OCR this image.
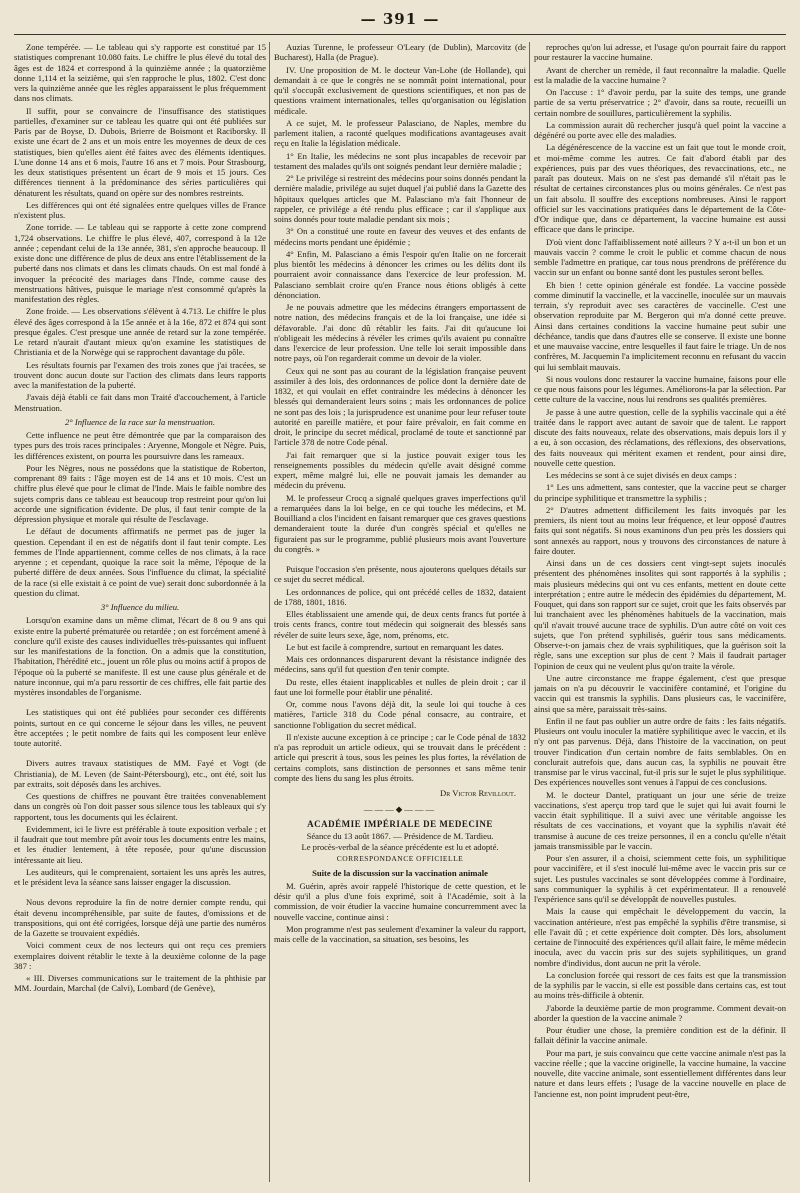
— 391 —

Zone tempérée. — Le tableau qui s'y rapporte est constitué par 15 statistiques comprenant 10.080 faits. Le chiffre le plus élevé du total des âges est de 1824 et correspond à la quinzième année ; la quatorzième donne 1,114 et la seizième, qui s'en rapproche le plus, 1802. C'est donc vers la quinzième année que les règles apparaissent le plus fréquemment dans nos climats.

Il suffit, pour se convaincre de l'insuffisance des statistiques partielles, d'examiner sur ce tableau les quatre qui ont été publiées sur Paris par de Boyse, D. Dubois, Brierre de Boismont et Raciborsky. Il existe une écart de 2 ans et un mois entre les moyennes de deux de ces statistiques, bien qu'elles aient été faites avec des éléments identiques. L'une donne 14 ans et 6 mois, l'autre 16 ans et 7 mois. Pour Strasbourg, les deux statistiques présentent un écart de 9 mois et 15 jours. Ces différences tiennent à la prédominance des séries particulières qui dénaturent les résultats, quand on opère sur des nombres restreints.

Les différences qui ont été signalées entre quelques villes de France n'existent plus.

Zone torride. — Le tableau qui se rapporte à cette zone comprend 1,724 observations. Le chiffre le plus élevé, 407, correspond à la 12e année ; cependant celui de la 13e année, 381, s'en approche beaucoup. Il existe donc une différence de plus de deux ans entre l'établissement de la puberté dans nos climats et dans les climats chauds. On est mal fondé à invoquer la précocité des mariages dans l'Inde, comme cause des menstruations hâtives, puisque le mariage n'est consommé qu'après la manifestation des règles.

Zone froide. — Les observations s'élèvent à 4.713. Le chiffre le plus élevé des âges correspond à la 15e année et à la 16e, 872 et 874 qui sont presque égales. C'est presque une année de retard sur la zone tempérée. Le retard n'aurait d'autant mieux qu'on examine les statistiques de Christiania et de la Norwège qui se rapprochent davantage du pôle.

Les résultats fournis par l'examen des trois zones que j'ai tracées, se trouvent donc aucun doute sur l'action des climats dans leurs rapports avec la manifestation de la puberté.

J'avais déjà établi ce fait dans mon Traité d'accouchement, à l'article Menstruation.

2° Influence de la race sur la menstruation.

Cette influence ne peut être démontrée que par la comparaison des types purs des trois races principales : Aryenne, Mongole et Nègre. Puis, les différences existent, on pourra les poursuivre dans les rameaux.

Pour les Nègres, nous ne possédons que la statistique de Roberton, comprenant 89 faits : l'âge moyen est de 14 ans et 10 mois. C'est un chiffre plus élevé que pour le climat de l'Inde. Mais le faible nombre des sujets compris dans ce tableau est beaucoup trop restreint pour qu'on lui accorde une signification évidente. De plus, il faut tenir compte de la dépression physique et morale qui résulte de l'esclavage.

Le défaut de documents affirmatifs ne permet pas de juger la question. Cependant il en est de négatifs dont il faut tenir compte. Les femmes de l'Inde appartiennent, comme celles de nos climats, à la race aryenne ; et cependant, quoique la race soit la même, l'époque de la puberté diffère de deux années. Sous l'influence du climat, la spécialité de la race (si elle existait à ce point de vue) serait donc subordonnée à la question du climat.

3° Influence du milieu.

Lorsqu'on examine dans un même climat, l'écart de 8 ou 9 ans qui existe entre la puberté prématurée ou retardée ; on est forcément amené à conclure qu'il existe des causes individuelles très-puissantes qui influent sur les manifestations de la fonction. On a admis que la constitution, l'habitation, l'hérédité etc., jouent un rôle plus ou moins actif à propos de l'époque où la puberté se manifeste. Il est une cause plus générale et de nature inconnue, qui m'a paru ressortir de ces chiffres, elle fait partie des mystères insondables de l'organisme.

Les statistiques qui ont été publiées pour seconder ces différents points, surtout en ce qui concerne le séjour dans les villes, ne peuvent être acceptées ; le petit nombre de faits qui les composent leur enlève toute autorité.

Divers autres travaux statistiques de MM. Fayé et Vogt (de Christiania), de M. Leven (de Saint-Pétersbourg), etc., ont été, soit lus par extraits, soit déposés dans les archives.

Ces questions de chiffres ne pouvant être traitées convenablement dans un congrès où l'on doit passer sous silence tous les tableaux qui s'y rapportent, tous les documents qui les éclairent.

Evidemment, ici le livre est préférable à toute exposition verbale ; et il faudrait que tout membre pût avoir tous les documents entre les mains, et les étudier lentement, à tête reposée, pour qu'une discussion intéressante ait lieu.

Les auditeurs, qui le comprenaient, sortaient les uns après les autres, et le président leva la séance sans laisser engager la discussion.

Nous devons reproduire la fin de notre dernier compte rendu, qui était devenu incompréhensible, par suite de fautes, d'omissions et de transpositions, qui ont été corrigées, lorsque déjà une partie des numéros de la Gazette se trouvaient expédiés.

Voici comment ceux de nos lecteurs qui ont reçu ces premiers exemplaires doivent rétablir le texte à la deuxième colonne de la page 387 :

« III. Diverses communications sur le traitement de la phthisie par MM. Jourdain, Marchal (de Calvi), Lombard (de Genève),

Auzias Turenne, le professeur O'Leary (de Dublin), Marcovitz (de Bucharest), Halla (de Prague).

IV. Une proposition de M. le docteur Van-Lohe (de Hollande), qui demandait à ce que le congrès ne se nommât point international, pour qu'il s'occupât exclusivement de questions scientifiques, et non pas de questions vraiment internationales, telles qu'organisation ou législation médicale.

A ce sujet, M. le professeur Palasciano, de Naples, membre du parlement italien, a raconté quelques modifications avantageuses avait reçu en Italie la législation médicale.

1° En Italie, les médecins ne sont plus incapables de recevoir par testament des malades qu'ils ont soignés pendant leur dernière maladie ;

2° Le privilége si restreint des médecins pour soins donnés pendant la dernière maladie, privilége au sujet duquel j'ai publié dans la Gazette des hôpitaux quelques articles que M. Palasciano m'a fait l'honneur de rappeler, ce privilége a été rendu plus efficace ; car il s'applique aux soins donnés pour toute maladie pendant six mois ;

3° On a constitué une route en faveur des veuves et des enfants de médecins morts pendant une épidémie ;

4° Enfin, M. Palasciano a émis l'espoir qu'en Italie on ne forcerait plus bientôt les médecins à dénoncer les crimes ou les délits dont ils pourraient avoir connaissance dans l'exercice de leur profession. M. Palasciano semblait croire qu'en France nous étions obligés à cette dénonciation.

Je ne pouvais admettre que les médecins étrangers emportassent de notre nation, des médecins français et de la loi française, une idée si défavorable. J'ai donc dû rétablir les faits. J'ai dit qu'aucune loi n'obligeait les médecins à révéler les crimes qu'ils avaient pu connaître dans l'exercice de leur profession. Une telle loi serait impossible dans notre pays, où l'on regarderait comme un devoir de la violer.

Ceux qui ne sont pas au courant de la législation française peuvent assimiler à des lois, des ordonnances de police dont la dernière date de 1832, et qui voulait en effet contraindre les médecins à dénoncer les blessés qui demanderaient leurs soins ; mais les ordonnances de police ne sont pas des lois ; la jurisprudence est unanime pour leur refuser toute autorité en pareille matière, et pour faire prévaloir, en fait comme en droit, le principe du secret médical, proclamé de toute et sanctionné par l'article 378 de notre Code pénal.

J'ai fait remarquer que si la justice pouvait exiger tous les renseignements possibles du médecin qu'elle avait désigné comme expert, même malgré lui, elle ne pouvait jamais les demander au médecin du prévenu.

M. le professeur Crocq a signalé quelques graves imperfections qu'il a remarquées dans la loi belge, en ce qui touche les médecins, et M. Bouilliand a clos l'incident en faisant remarquer que ces graves questions demanderaient toute la durée d'un congrès spécial et qu'elles ne figuraient pas sur le programme, publié plusieurs mois avant l'ouverture du congrès. »

Puisque l'occasion s'en présente, nous ajouterons quelques détails sur ce sujet du secret médical.

Les ordonnances de police, qui ont précédé celles de 1832, dataient de 1788, 1801, 1816.

Elles établissaient une amende qui, de deux cents francs fut portée à trois cents francs, contre tout médecin qui soignerait des blessés sans révéler de suite leurs sexe, âge, nom, prénoms, etc.

Le but est facile à comprendre, surtout en remarquant les dates.

Mais ces ordonnances disparurent devant la résistance indignée des médecins, sans qu'il fut question d'en tenir compte.

Du reste, elles étaient inapplicables et nulles de plein droit ; car il faut une loi formelle pour établir une pénalité.

Or, comme nous l'avons déjà dit, la seule loi qui touche à ces matières, l'article 318 du Code pénal consacre, au contraire, et sanctionne l'obligation du secret médical.

Il n'existe aucune exception à ce principe ; car le Code pénal de 1832 n'a pas reproduit un article odieux, qui se trouvait dans le précédent : article qui prescrit à tous, sous les peines les plus fortes, la révélation de certains complots, sans distinction de personnes et sans même tenir compte des liens du sang les plus étroits.

Dr Victor Revillout.

———◆———

ACADÉMIE IMPÉRIALE DE MEDECINE

Séance du 13 août 1867. — Présidence de M. Tardieu.

Le procès-verbal de la séance précédente est lu et adopté.

CORRESPONDANCE OFFICIELLE

Suite de la discussion sur la vaccination animale

M. Guérin, après avoir rappelé l'historique de cette question, et le désir qu'il a plus d'une fois exprimé, soit à l'Académie, soit à la commission, de voir étudier la vaccine humaine concurremment avec la nouvelle vaccine, continue ainsi :

Mon programme n'est pas seulement d'examiner la valeur du rapport, mais celle de la vaccination, sa situation, ses besoins, les

reproches qu'on lui adresse, et l'usage qu'on pourrait faire du rapport pour restaurer la vaccine humaine.

Avant de chercher un remède, il faut reconnaître la maladie. Quelle est la maladie de la vaccine humaine ?

On l'accuse : 1° d'avoir perdu, par la suite des temps, une grande partie de sa vertu préservatrice ; 2° d'avoir, dans sa route, recueilli un certain nombre de souillures, particulièrement la syphilis.

La commission aurait dû rechercher jusqu'à quel point la vaccine a dégénéré ou porte avec elle des maladies.

La dégénérescence de la vaccine est un fait que tout le monde croit, et moi-même comme les autres. Ce fait d'abord établi par des expériences, puis par des vues théoriques, des revaccinations, etc., ne paraît pas douteux. Mais on ne s'est pas demandé s'il n'était pas le résultat de certaines circonstances plus ou moins générales. Ce n'est pas un fait absolu. Il souffre des exceptions nombreuses. Ainsi le rapport officiel sur les vaccinations pratiquées dans le département de la Côte-d'Or indique que, dans ce département, la vaccine humaine est aussi efficace que dans le principe.

D'où vient donc l'affaiblissement noté ailleurs ? Y a-t-il un bon et un mauvais vaccin ? comme le croit le public et comme chacun de nous semble l'admettre en pratique, car tous nous prendrons de préférence du vaccin sur un enfant ou bonne santé dont les pustules seront belles.

Eh bien ! cette opinion générale est fondée. La vaccine possède comme diminutif la vaccinelle, et la vaccinelle, inoculée sur un mauvais terrain, s'y reproduit avec ses caractères de vaccinelle. C'est une observation reproduite par M. Bergeron qui m'a donné cette preuve. Ainsi dans certaines conditions la vaccine humaine peut subir une déchéance, tandis que dans d'autres elle se conserve. Il existe une bonne et une mauvaise vaccine, entre lesquelles il faut faire le triage. Un de nos confrères, M. Jacquemin l'a implicitement reconnu en refusant du vaccin qui lui semblait mauvais.

Si nous voulons donc restaurer la vaccine humaine, faisons pour elle ce que nous faisons pour les légumes. Améliorons-la par la sélection. Par cette culture de la vaccine, nous lui rendrons ses qualités premières.

Je passe à une autre question, celle de la syphilis vaccinale qui a été traitée dans le rapport avec autant de savoir que de talent. Le rapport discute des faits nouveaux, relate des observations, mais depuis lors il y a eu, à son occasion, des réclamations, des réflexions, des observations, des faits nouveaux qui méritent examen et rendent, pour ainsi dire, nouvelle cette question.

Les médecins se sont à ce sujet divisés en deux camps :

1° Les uns admettent, sans contester, que la vaccine peut se charger du principe syphilitique et transmettre la syphilis ;

2° D'autres admettent difficilement les faits invoqués par les premiers, ils nient tout au moins leur fréquence, et leur opposé d'autres faits qui sont négatifs. Si nous examinons d'un peu près les dossiers qui sont annexés au rapport, nous y trouvons des circonstances de nature à faire douter.

Ainsi dans un de ces dossiers cent vingt-sept sujets inoculés présentent des phénomènes insolites qui sont rapportés à la syphilis ; mais plusieurs médecins qui ont vu ces enfants, mettent en doute cette interprétation ; entre autre le médecin des épidémies du département, M. Fouquet, qui dans son rapport sur ce sujet, croit que les faits observés par lui tranchaient avec les phénomènes habituels de la vaccination, mais qu'il n'avait trouvé aucune trace de syphilis. D'un autre côté on voit ces sujets, que l'on prétend syphilisés, guérir tous sans médicaments. Observe-t-on jamais chez de vrais syphilitiques, que la guérison soit la règle, sans une exception sur plus de cent ? Mais il faudrait partager l'opinion de ceux qui ne veulent plus qu'on traite la vérole.

Une autre circonstance me frappe également, c'est que presque jamais on n'a pu découvrir le vaccinifère contaminé, et l'origine du vaccin qui est transmis la syphilis. Dans plusieurs cas, le vaccinifère, ainsi que sa mère, paraissait très-sains.

Enfin il ne faut pas oublier un autre ordre de faits : les faits négatifs. Plusieurs ont voulu inoculer la matière syphilitique avec le vaccin, et ils n'y ont pas parvenus. Déjà, dans l'histoire de la vaccination, on peut trouver l'indication d'un certain nombre de faits semblables. On en conclurait autrefois que, dans aucun cas, la syphilis ne pouvait être transmise par le virus vaccinal, fut-il pris sur le sujet le plus syphilitique. Des expériences nouvelles sont venues à l'appui de ces conclusions.

M. le docteur Dantel, pratiquant un jour une série de treize vaccinations, s'est aperçu trop tard que le sujet qui lui avait fourni le vaccin était syphilitique. Il a suivi avec une véritable angoisse les résultats de ces vaccinations, et voyant que la syphilis n'avait été transmise à aucune de ces treize personnes, il en a conclu qu'elle n'était jamais transmissible par le vaccin.

Pour s'en assurer, il a choisi, sciemment cette fois, un syphilitique pour vaccinifère, et il s'est inoculé lui-même avec le vaccin pris sur ce sujet. Les pustules vaccinales se sont développées comme à l'ordinaire, sans communiquer la syphilis à cet expérimentateur. Il a renouvelé l'expérience sans qu'il se développât de nouvelles pustules.

Mais la cause qui empêchait le développement du vaccin, la vaccination antérieure, n'est pas empêché la syphilis d'être transmise, si elle l'avait dû ; et cette expérience doit compter. Dès lors, absolument certaine de l'innocuité des expériences qu'il allait faire, le même médecin inocula, avec du vaccin pris sur des sujets syphilitiques, un grand nombre d'individus, dont aucun ne prit la vérole.

La conclusion forcée qui ressort de ces faits est que la transmission de la syphilis par le vaccin, si elle est possible dans certains cas, est tout au moins très-difficile à obtenir.

J'aborde la deuxième partie de mon programme. Comment devait-on aborder la question de la vaccine animale ?

Pour étudier une chose, la première condition est de la définir. Il fallait définir la vaccine animale.

Pour ma part, je suis convaincu que cette vaccine animale n'est pas la vaccine réelle ; que la vaccine originelle, la vaccine humaine, la vaccine nouvelle, dite vaccine animale, sont essentiellement différentes dans leur nature et dans leurs effets ; l'usage de la vaccine nouvelle en place de l'ancienne est, non point imprudent peut-être,
